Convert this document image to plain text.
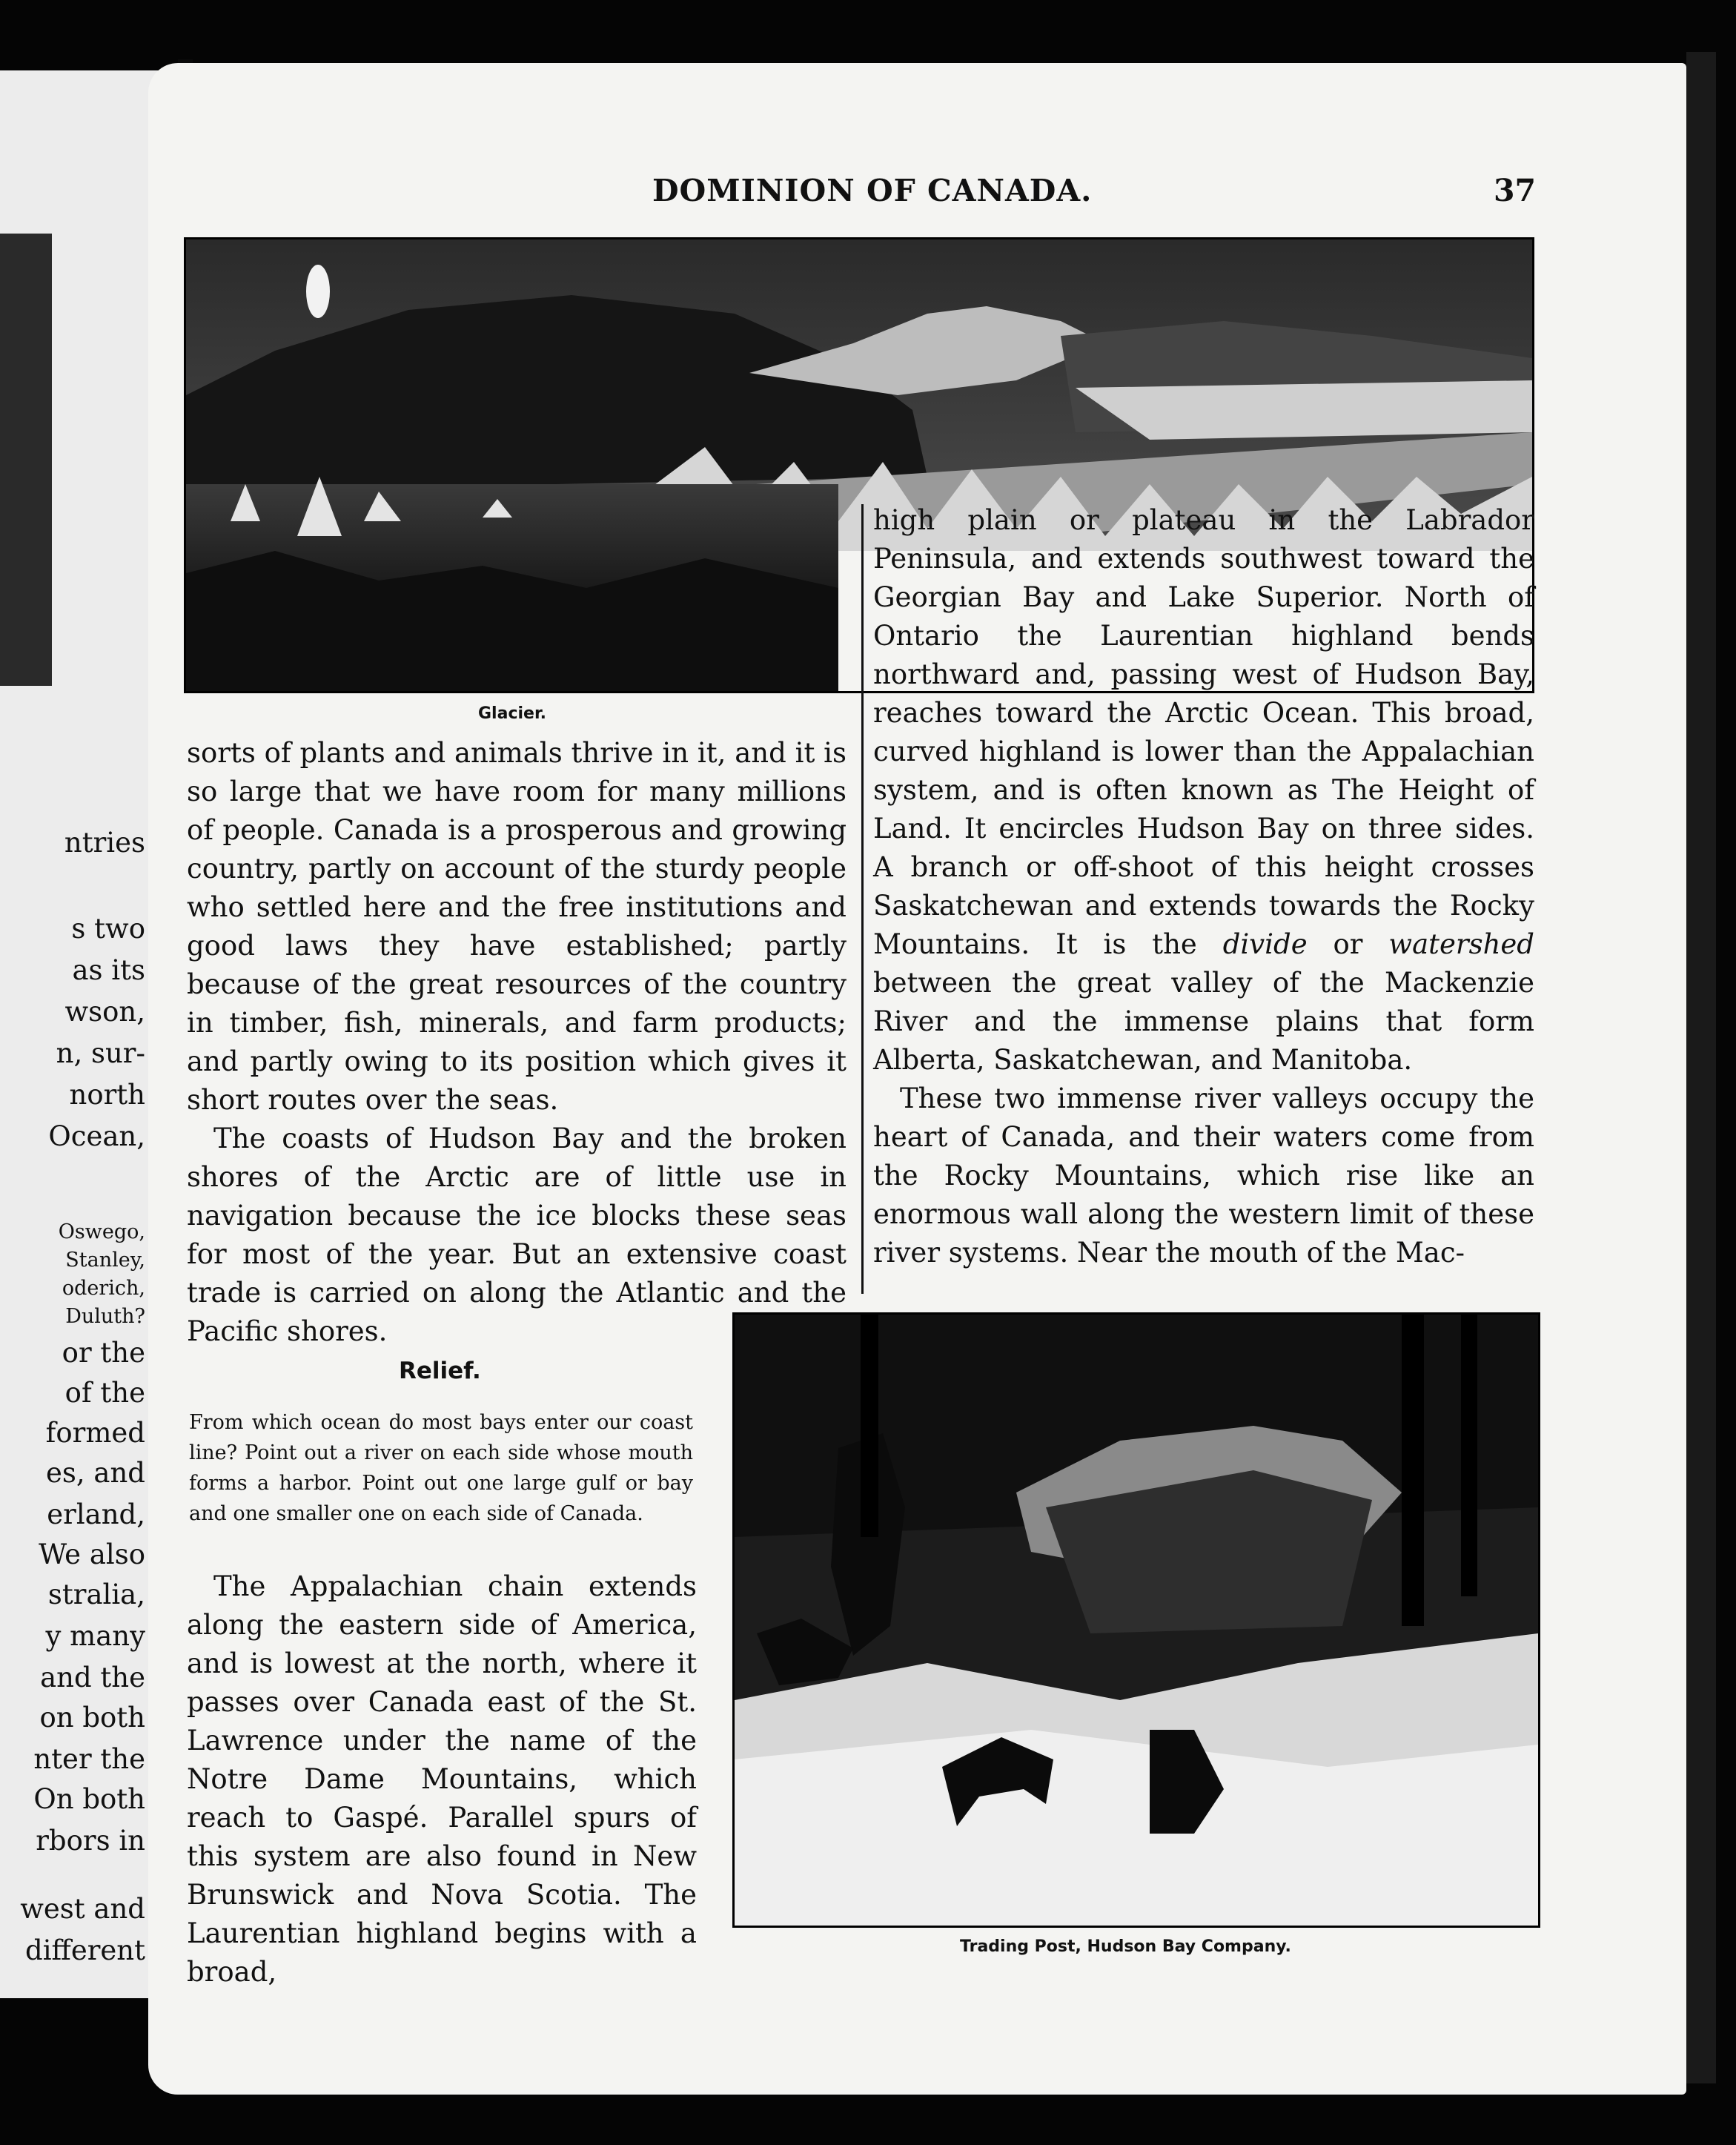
ntries
s two
as its
wson,
n, sur-
north
Ocean,
Oswego,
Stanley,
oderich,
Duluth?
or the
of the
formed
es, and
erland,
We also
stralia,
y many
and the
on both
nter the
On both
rbors in
west and
different
DOMINION OF CANADA.	37
Glacier.

high plain or plateau in the Labrador Peninsula, and extends southwest toward the Georgian Bay and Lake Superior. North of Ontario the Laurentian highland bends northward and, passing west of Hudson Bay, reaches toward the Arctic Ocean. This broad, curved highland is lower than the Appalachian system, and is often known as The Height of Land. It encircles Hudson Bay on three sides. A branch or off-shoot of this height crosses Saskatchewan and extends towards the Rocky Mountains. It is the divide or watershed between the great valley of the Mackenzie River and the immense plains that form Alberta, Saskatchewan, and Manitoba.

These two immense river valleys occupy the heart of Canada, and their waters come from the Rocky Mountains, which rise like an enormous wall along the western limit of these river systems. Near the mouth of the Mac-

sorts of plants and animals thrive in it, and it is so large that we have room for many millions of people. Canada is a prosperous and growing country, partly on account of the sturdy people who settled here and the free institutions and good laws they have established; partly because of the great resources of the country in timber, fish, minerals, and farm products; and partly owing to its position which gives it short routes over the seas.

The coasts of Hudson Bay and the broken shores of the Arctic are of little use in navigation because the ice blocks these seas for most of the year. But an extensive coast trade is carried on along the Atlantic and the Pacific shores.

Relief.
From which ocean do most bays enter our coast line? Point out a river on each side whose mouth forms a harbor. Point out one large gulf or bay and one smaller one on each side of Canada.

The Appalachian chain extends along the eastern side of America, and is lowest at the north, where it passes over Canada east of the St. Lawrence under the name of the Notre Dame Mountains, which reach to Gaspé. Parallel spurs of this system are also found in New Brunswick and Nova Scotia. The Laurentian highland begins with a broad,

Trading Post, Hudson Bay Company.
